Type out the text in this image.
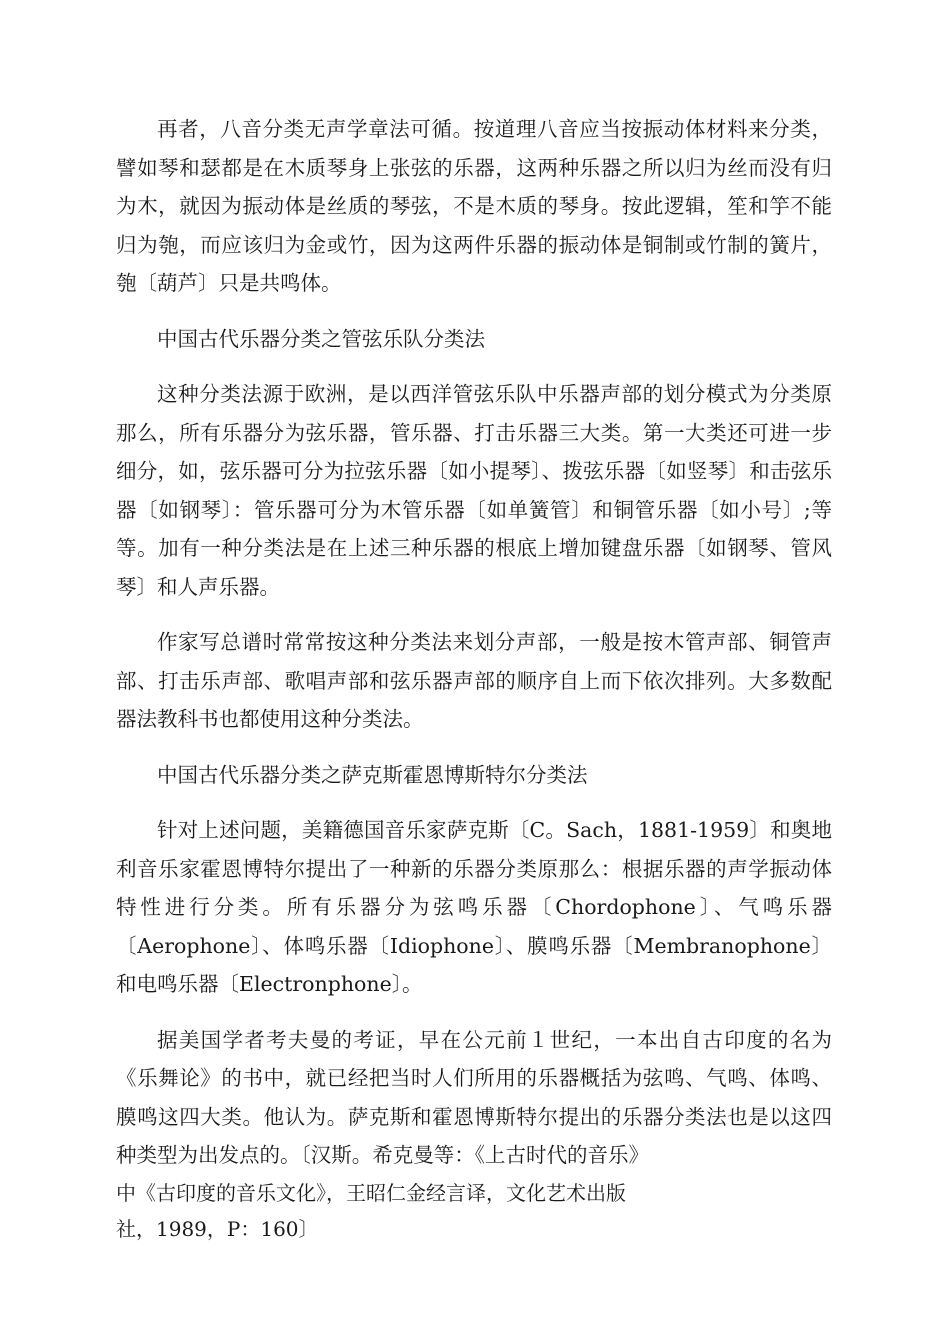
再者，八音分类无声学章法可循。按道理八音应当按振动体材料来分类，譬如琴和瑟都是在木质琴身上张弦的乐器，这两种乐器之所以归为丝而没有归为木，就因为振动体是丝质的琴弦，不是木质的琴身。按此逻辑，笙和竽不能归为匏，而应该归为金或竹，因为这两件乐器的振动体是铜制或竹制的簧片，匏〔葫芦〕只是共鸣体。

中国古代乐器分类之管弦乐队分类法

这种分类法源于欧洲，是以西洋管弦乐队中乐器声部的划分模式为分类原那么，所有乐器分为弦乐器，管乐器、打击乐器三大类。第一大类还可进一步细分，如，弦乐器可分为拉弦乐器〔如小提琴〕、拨弦乐器〔如竖琴〕和击弦乐器〔如钢琴〕：管乐器可分为木管乐器〔如单簧管〕和铜管乐器〔如小号〕;等等。加有一种分类法是在上述三种乐器的根底上增加键盘乐器〔如钢琴、管风琴〕和人声乐器。

作家写总谱时常常按这种分类法来划分声部，一般是按木管声部、铜管声部、打击乐声部、歌唱声部和弦乐器声部的顺序自上而下依次排列。大多数配器法教科书也都使用这种分类法。

中国古代乐器分类之萨克斯霍恩博斯特尔分类法

针对上述问题，美籍德国音乐家萨克斯〔C。Sach，1881-1959〕和奥地利音乐家霍恩博特尔提出了一种新的乐器分类原那么：根据乐器的声学振动体特性进行分类。所有乐器分为弦鸣乐器〔Chordophone〕、气鸣乐器〔Aerophone〕、体鸣乐器〔Idiophone〕、膜鸣乐器〔Membranophone〕和电鸣乐器〔Electronphone〕。

据美国学者考夫曼的考证，早在公元前１世纪，一本出自古印度的名为《乐舞论》的书中，就已经把当时人们所用的乐器概括为弦鸣、气鸣、体鸣、膜鸣这四大类。他认为。萨克斯和霍恩博斯特尔提出的乐器分类法也是以这四种类型为出发点的。〔汉斯。希克曼等：《上古时代的音乐》
中《古印度的音乐文化》，王昭仁金经言译，文化艺术出版
社，1989，P：160〕
